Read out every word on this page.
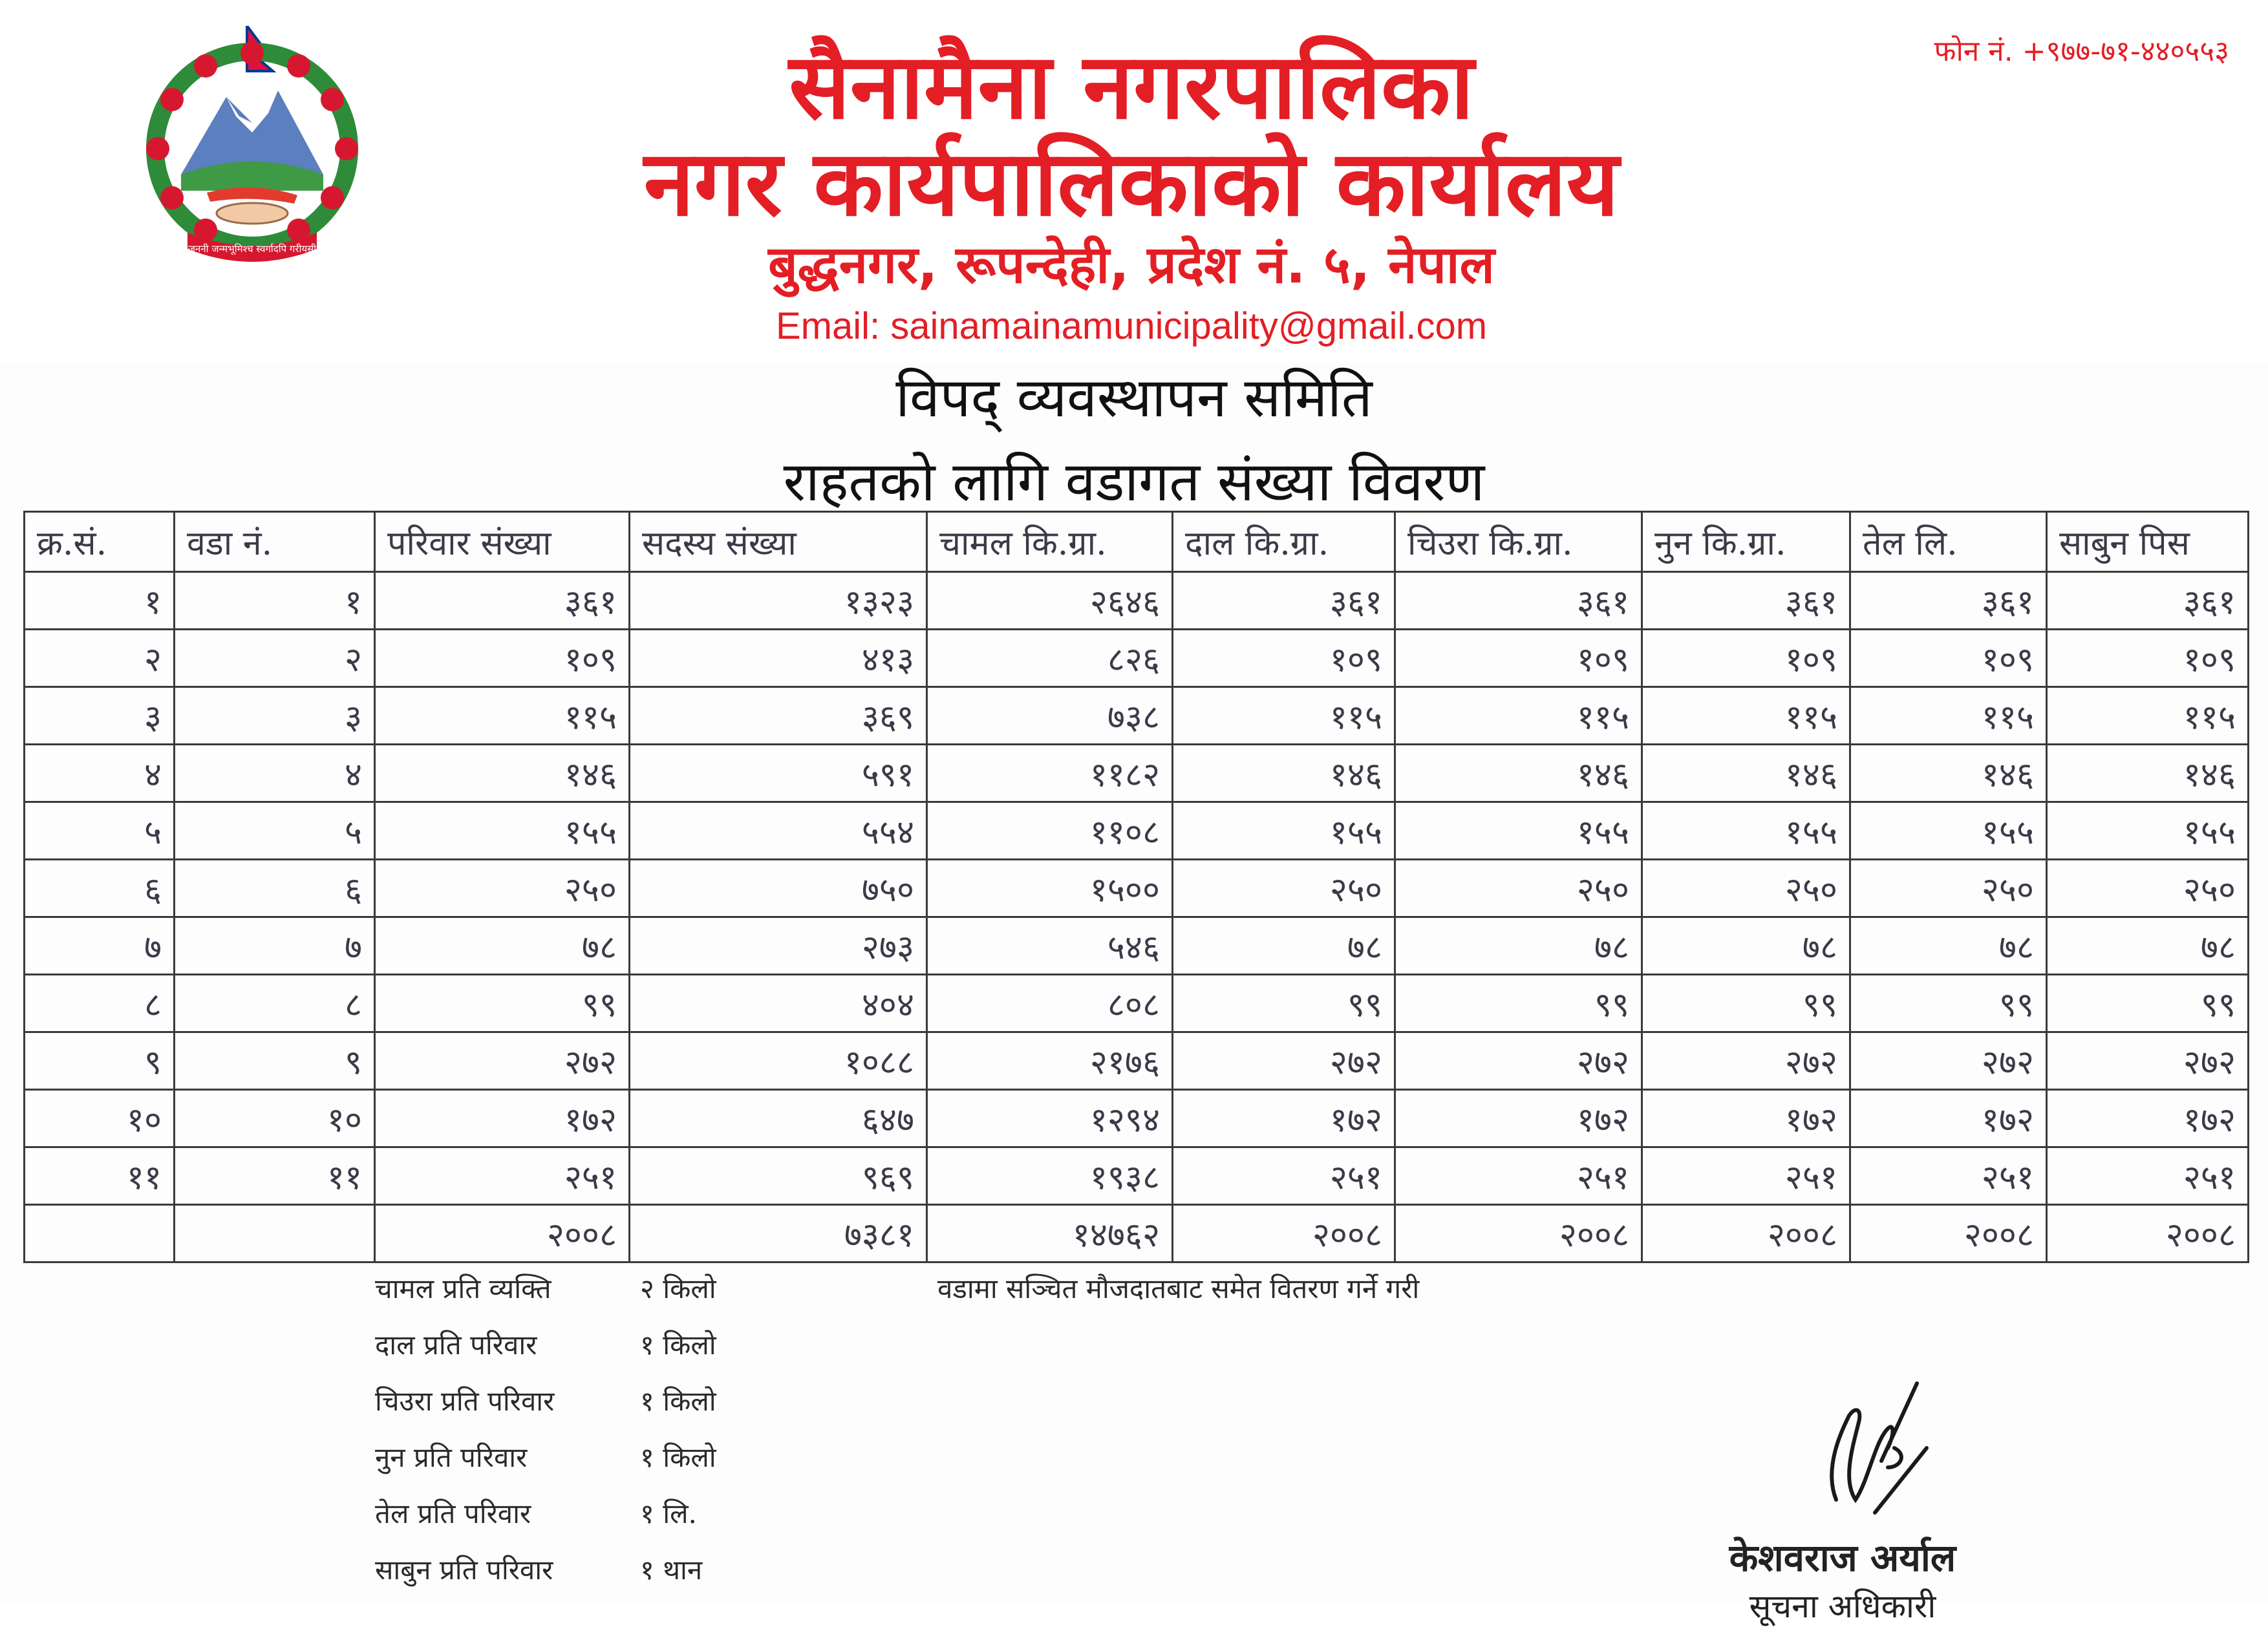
जननी जन्मभूमिश्च स्वर्गादपि गरीयसी
सैनामैना नगरपालिका
नगर कार्यपालिकाको कार्यालय
बुद्धनगर, रूपन्देही, प्रदेश नं. ५, नेपाल
Email: sainamainamunicipality@gmail.com
फोन नं. +९७७-७१-४४०५५३
विपद् व्यवस्थापन समिति
राहतको लागि वडागत संख्या विवरण
क्र.सं.	वडा नं.	परिवार संख्या	सदस्य संख्या	चामल कि.ग्रा.	दाल कि.ग्रा.	चिउरा कि.ग्रा.	नुन कि.ग्रा.	तेल लि.	साबुन पिस
१	१	३६१	१३२३	२६४६	३६१	३६१	३६१	३६१	३६१
२	२	१०९	४१३	८२६	१०९	१०९	१०९	१०९	१०९
३	३	११५	३६९	७३८	११५	११५	११५	११५	११५
४	४	१४६	५९१	११८२	१४६	१४६	१४६	१४६	१४६
५	५	१५५	५५४	११०८	१५५	१५५	१५५	१५५	१५५
६	६	२५०	७५०	१५००	२५०	२५०	२५०	२५०	२५०
७	७	७८	२७३	५४६	७८	७८	७८	७८	७८
८	८	९९	४०४	८०८	९९	९९	९९	९९	९९
९	९	२७२	१०८८	२१७६	२७२	२७२	२७२	२७२	२७२
१०	१०	१७२	६४७	१२९४	१७२	१७२	१७२	१७२	१७२
११	११	२५१	९६९	१९३८	२५१	२५१	२५१	२५१	२५१
		२००८	७३८१	१४७६२	२००८	२००८	२००८	२००८	२००८
चामल प्रति व्यक्ति	२ किलो
दाल प्रति परिवार	१ किलो
चिउरा प्रति परिवार	१ किलो
नुन प्रति परिवार	१ किलो
तेल प्रति परिवार	१ लि.
साबुन प्रति परिवार	१ थान
वडामा सञ्चित मौजदातबाट समेत वितरण गर्ने गरी
केशवराज अर्याल
सूचना अधिकारी
